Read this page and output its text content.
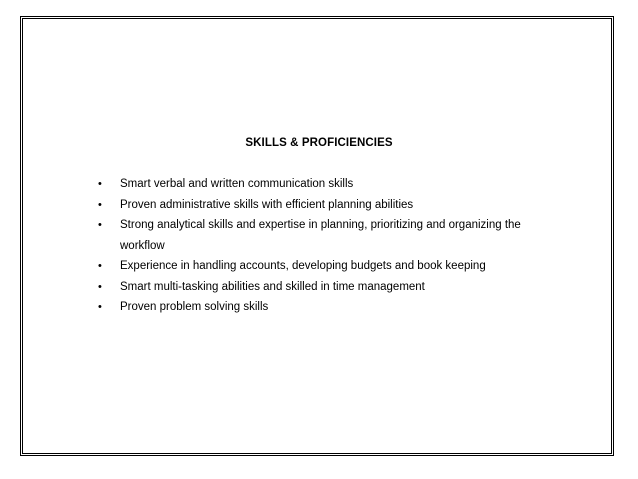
SKILLS & PROFICIENCIES
• Smart verbal and written communication skills
• Proven administrative skills with efficient planning abilities
• Strong analytical skills and expertise in planning, prioritizing and organizing the workflow
• Experience in handling accounts, developing budgets and book keeping
• Smart multi-tasking abilities and skilled in time management
• Proven problem solving skills
